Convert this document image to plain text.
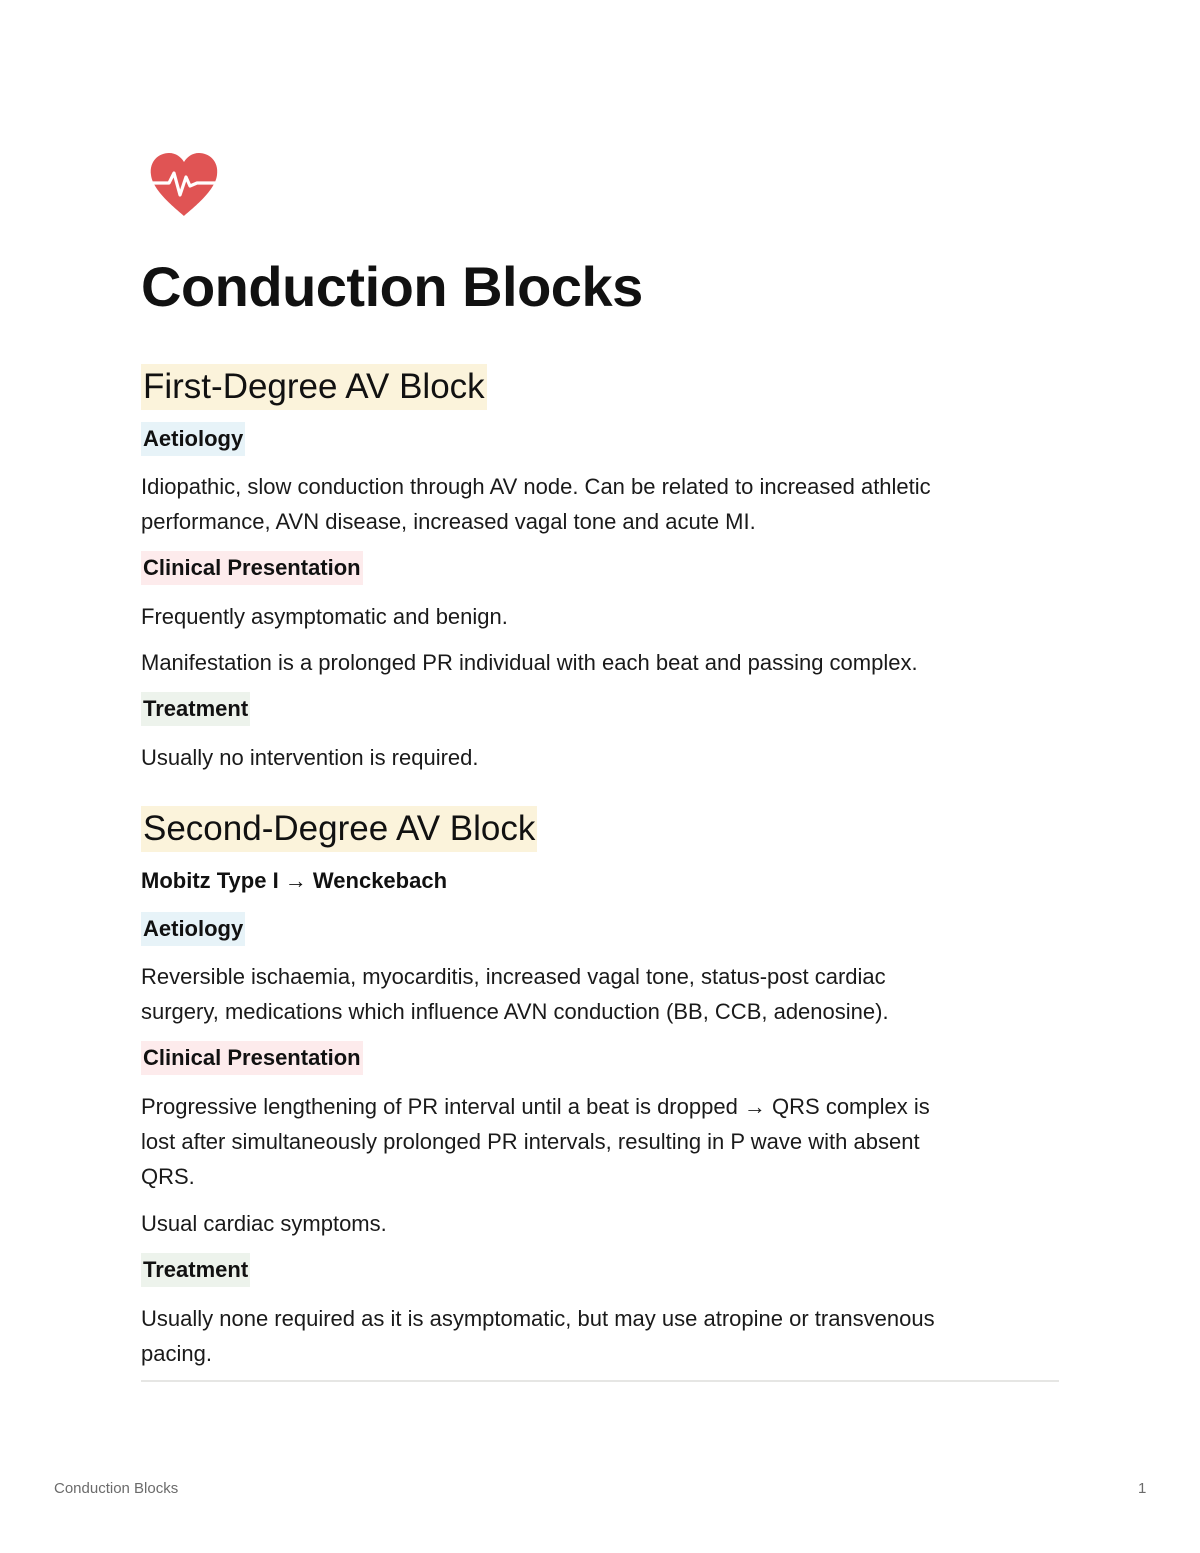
Conduction Blocks
First-Degree AV Block
Aetiology
Idiopathic, slow conduction through AV node. Can be related to increased athletic
performance, AVN disease, increased vagal tone and acute MI.
Clinical Presentation
Frequently asymptomatic and benign.
Manifestation is a prolonged PR individual with each beat and passing complex.
Treatment
Usually no intervention is required.
Second-Degree AV Block
Mobitz Type I → Wenckebach
Aetiology
Reversible ischaemia, myocarditis, increased vagal tone, status-post cardiac
surgery, medications which influence AVN conduction (BB, CCB, adenosine).
Clinical Presentation
Progressive lengthening of PR interval until a beat is dropped → QRS complex is
lost after simultaneously prolonged PR intervals, resulting in P wave with absent
QRS.
Usual cardiac symptoms.
Treatment
Usually none required as it is asymptomatic, but may use atropine or transvenous
pacing.
Conduction Blocks	1
